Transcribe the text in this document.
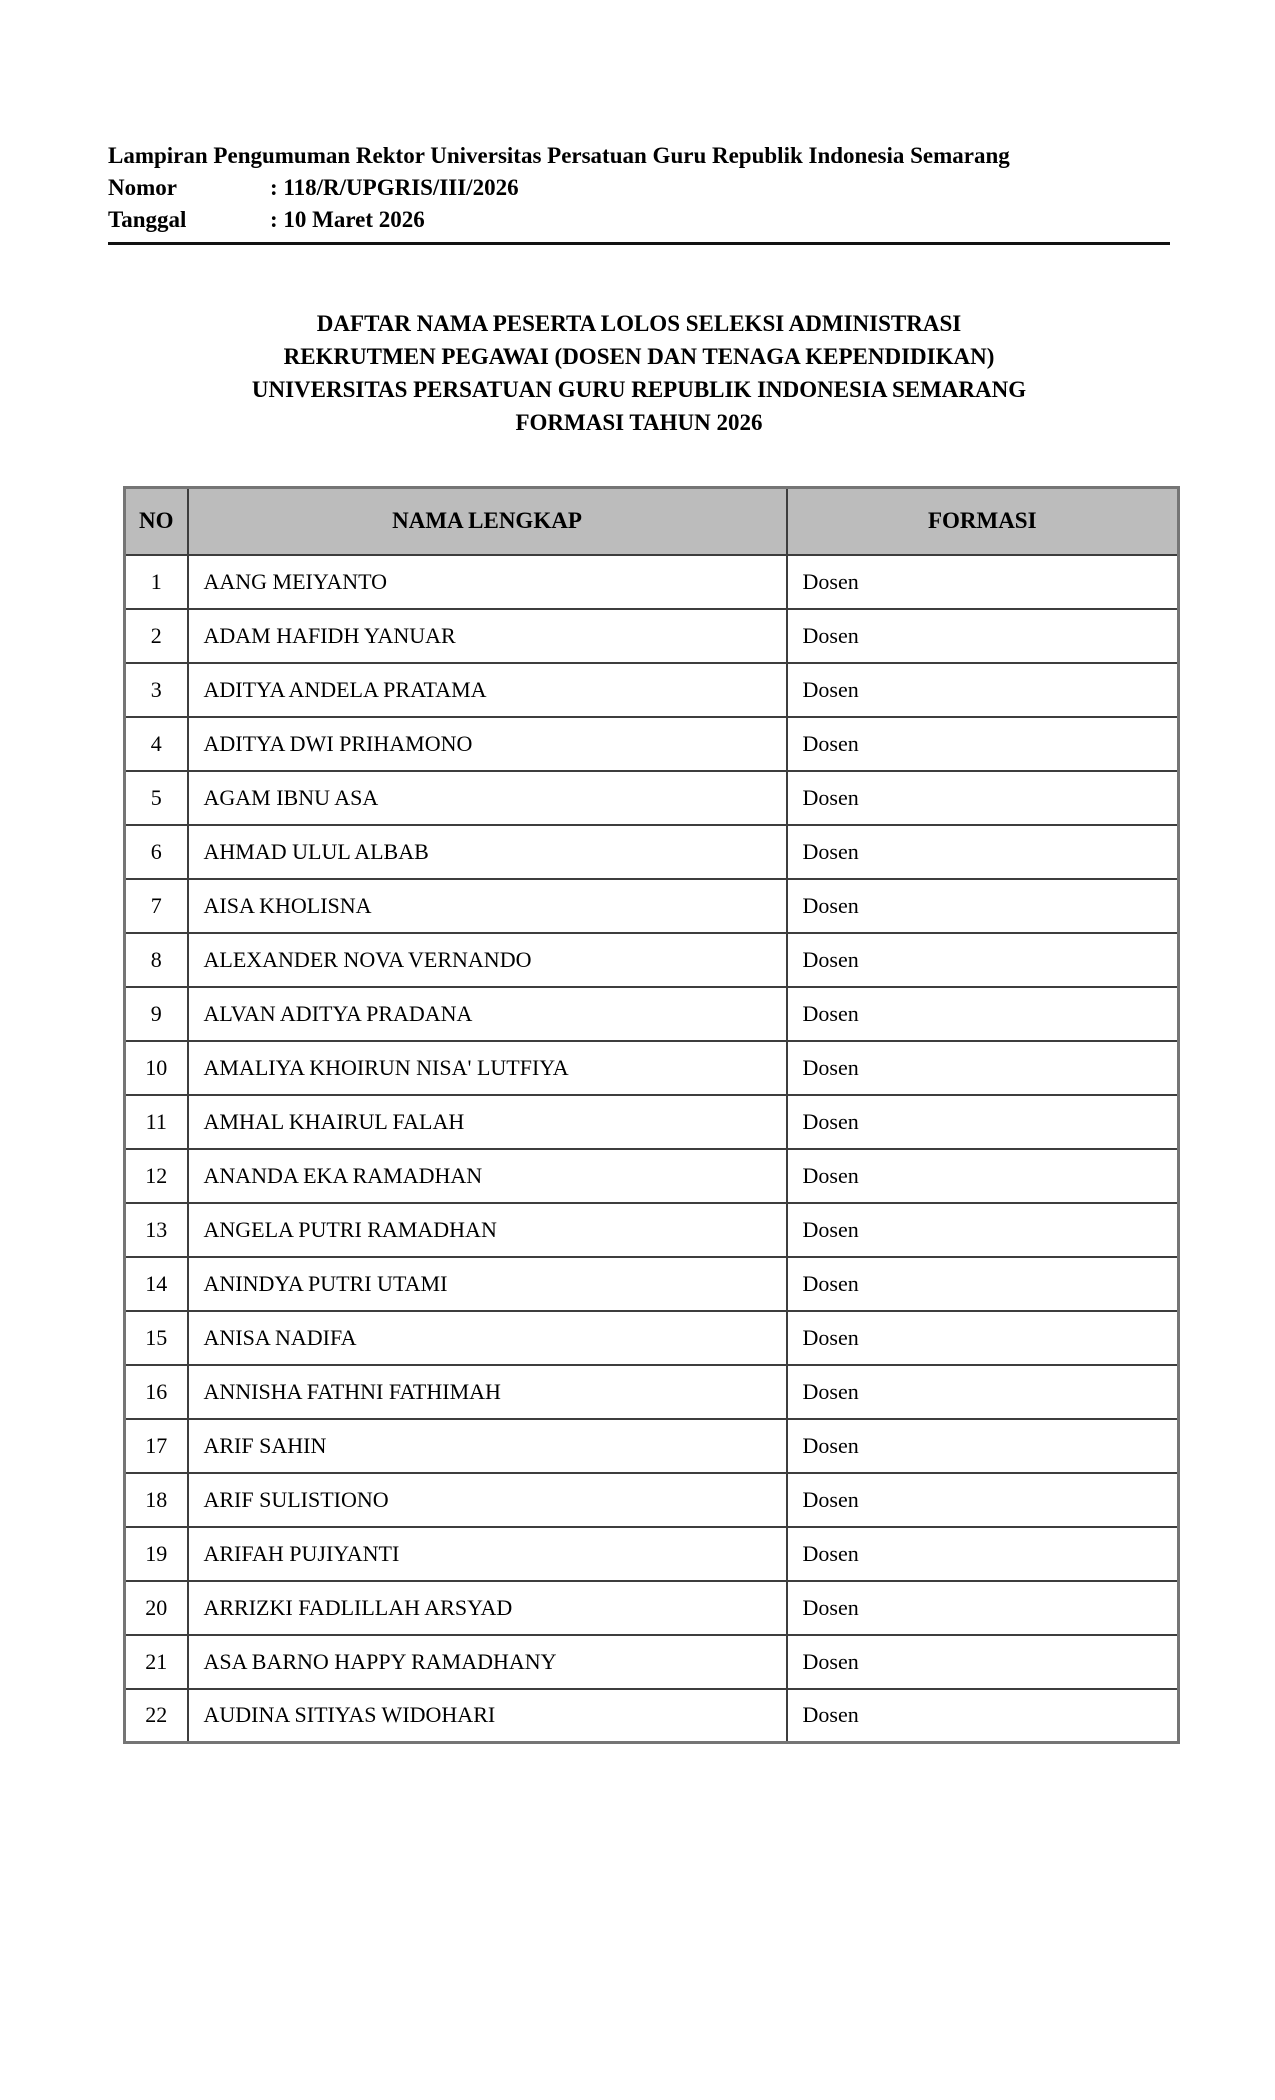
Lampiran Pengumuman Rektor Universitas Persatuan Guru Republik Indonesia Semarang
Nomor	: 118/R/UPGRIS/III/2026
Tanggal	: 10 Maret 2026
DAFTAR NAMA PESERTA LOLOS SELEKSI ADMINISTRASI
REKRUTMEN PEGAWAI (DOSEN DAN TENAGA KEPENDIDIKAN)
UNIVERSITAS PERSATUAN GURU REPUBLIK INDONESIA SEMARANG
FORMASI TAHUN 2026
NO	NAMA LENGKAP	FORMASI
1	AANG MEIYANTO	Dosen
2	ADAM HAFIDH YANUAR	Dosen
3	ADITYA ANDELA PRATAMA	Dosen
4	ADITYA DWI PRIHAMONO	Dosen
5	AGAM IBNU ASA	Dosen
6	AHMAD ULUL ALBAB	Dosen
7	AISA KHOLISNA	Dosen
8	ALEXANDER NOVA VERNANDO	Dosen
9	ALVAN ADITYA PRADANA	Dosen
10	AMALIYA KHOIRUN NISA' LUTFIYA	Dosen
11	AMHAL KHAIRUL FALAH	Dosen
12	ANANDA EKA RAMADHAN	Dosen
13	ANGELA PUTRI RAMADHAN	Dosen
14	ANINDYA PUTRI UTAMI	Dosen
15	ANISA NADIFA	Dosen
16	ANNISHA FATHNI FATHIMAH	Dosen
17	ARIF SAHIN	Dosen
18	ARIF SULISTIONO	Dosen
19	ARIFAH PUJIYANTI	Dosen
20	ARRIZKI FADLILLAH ARSYAD	Dosen
21	ASA BARNO HAPPY RAMADHANY	Dosen
22	AUDINA SITIYAS WIDOHARI	Dosen
